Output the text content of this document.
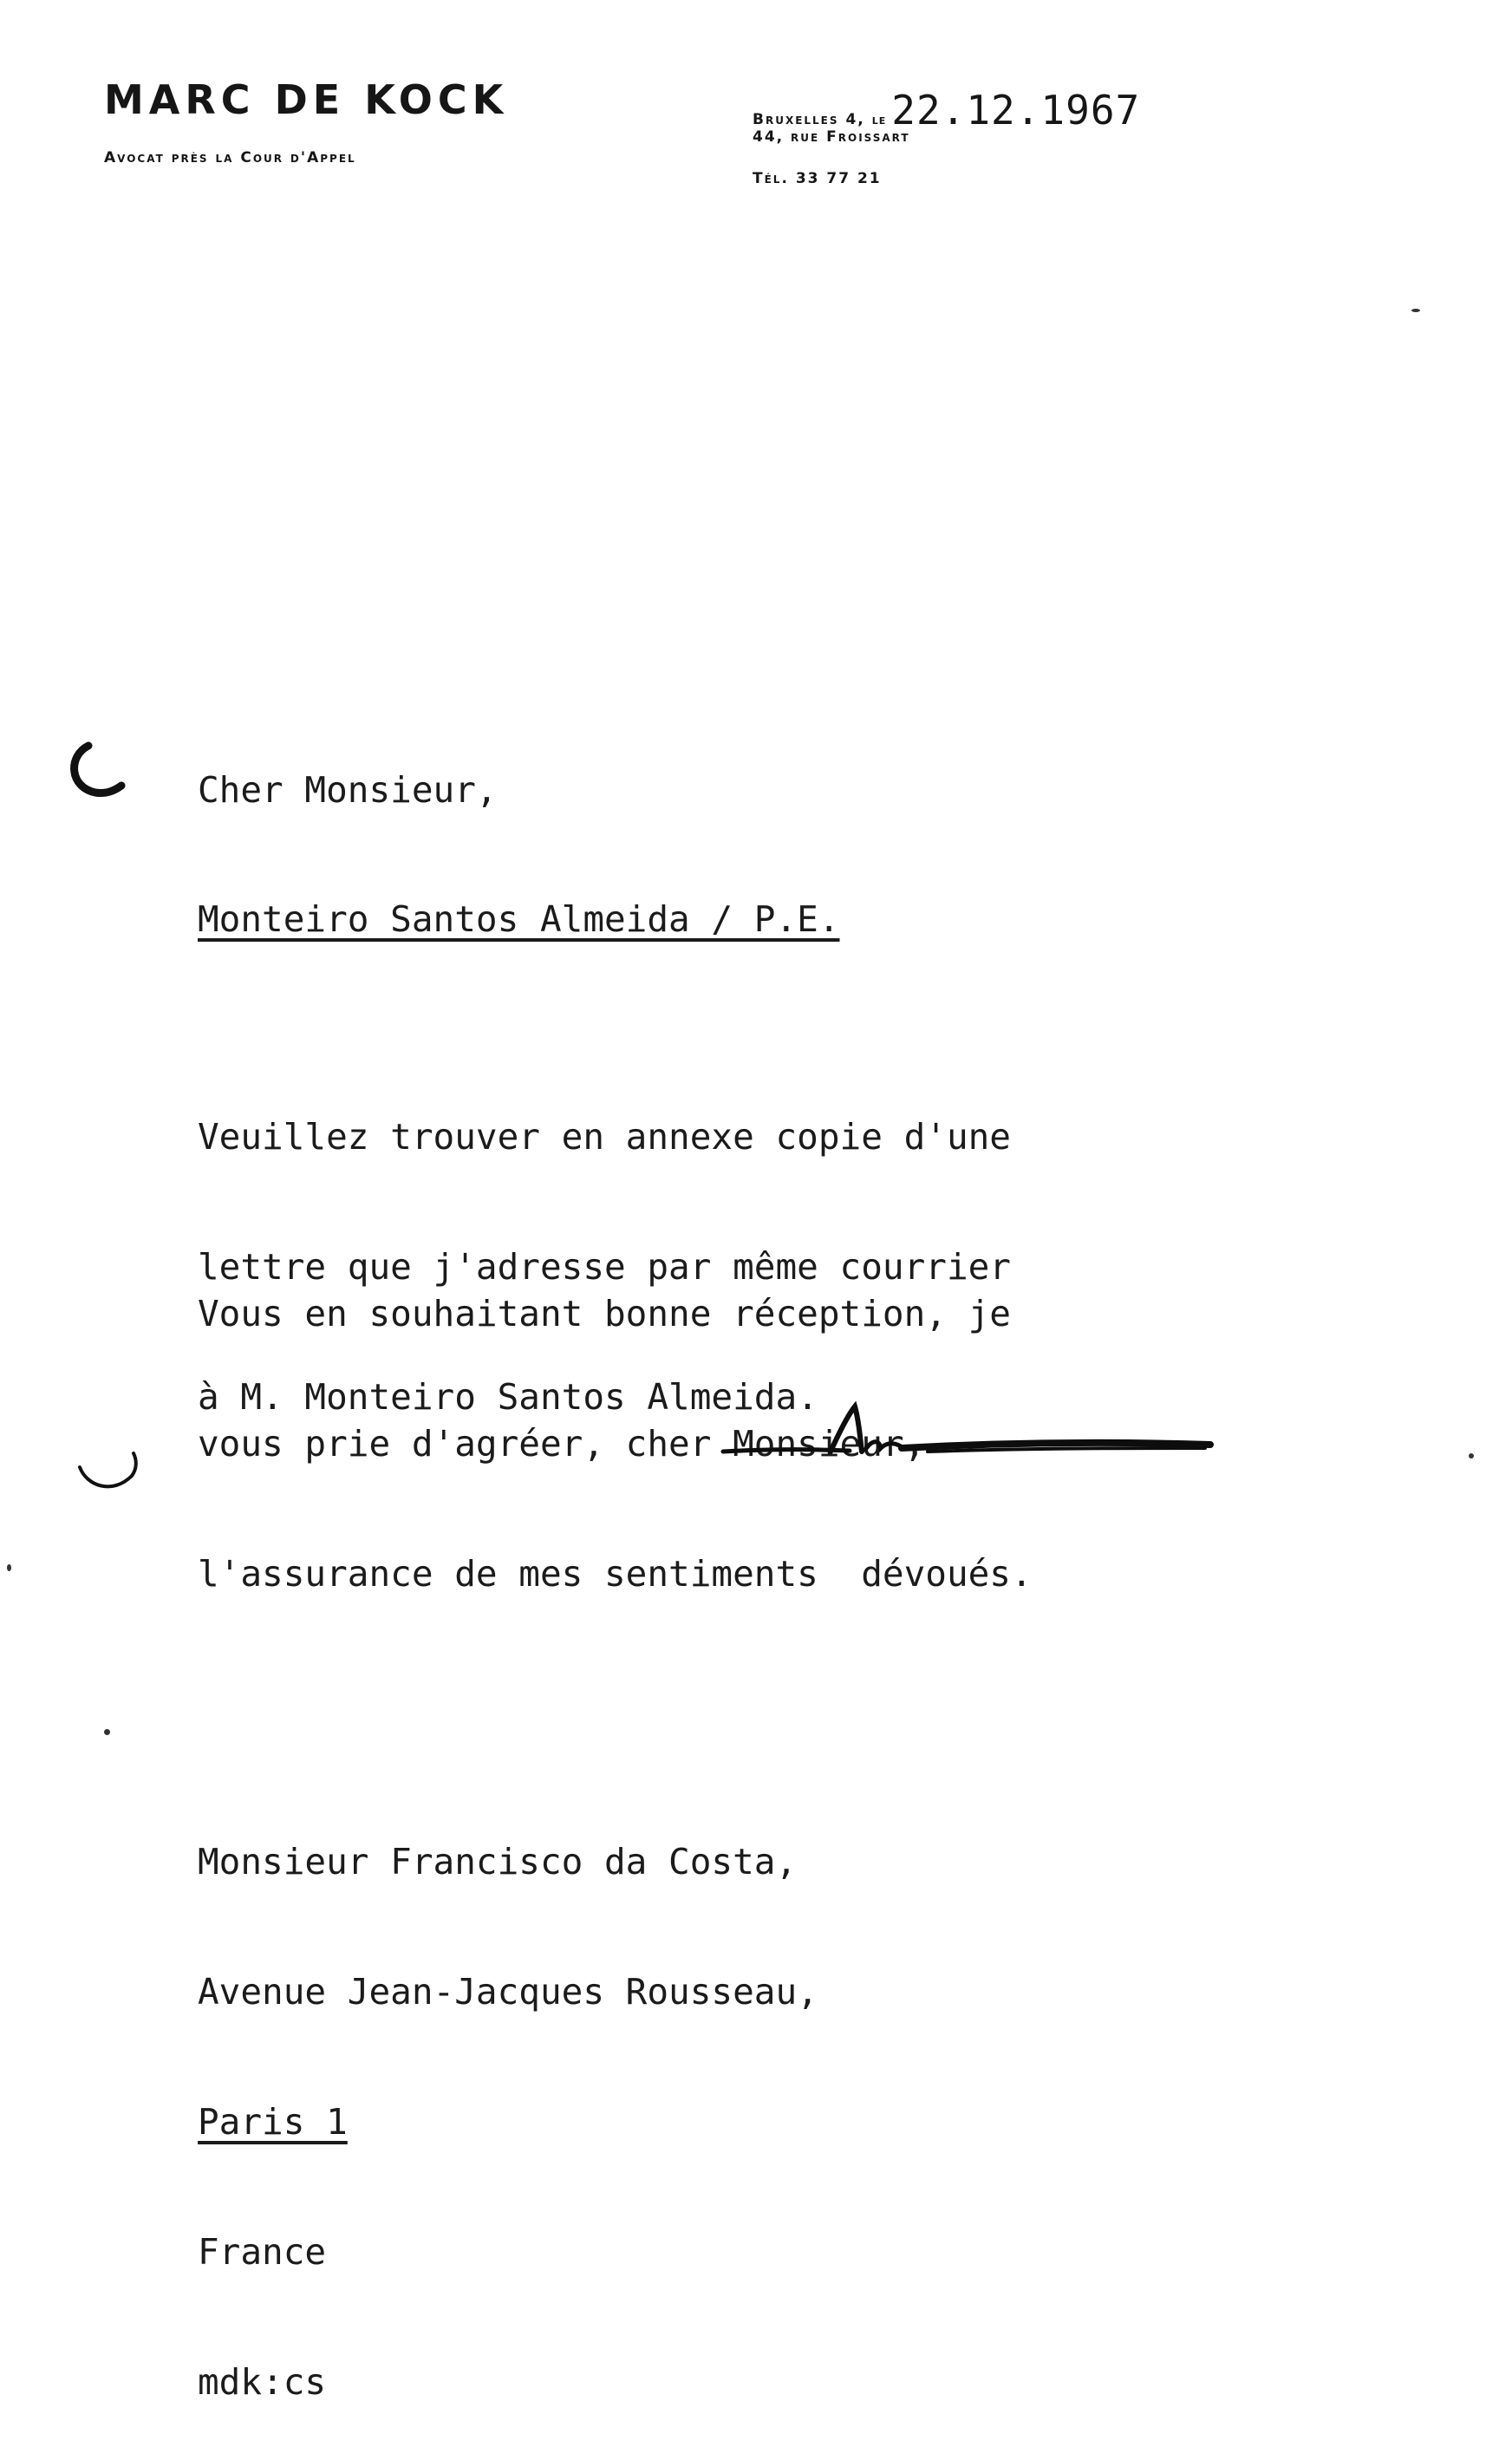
MARC DE KOCK
Avocat près la Cour d'Appel
Bruxelles 4, le 22.12.1967
44, rue Froissart
Tél. 33 77 21
Cher Monsieur,
Monteiro Santos Almeida / P.E.

Veuillez trouver en annexe copie d'une

lettre que j'adresse par même courrier

à M. Monteiro Santos Almeida.

Vous en souhaitant bonne réception, je

vous prie d'agréer, cher Monsieur,

l'assurance de mes sentiments  dévoués.

Monsieur Francisco da Costa,

Avenue Jean-Jacques Rousseau,

Paris 1

France

mdk:cs
